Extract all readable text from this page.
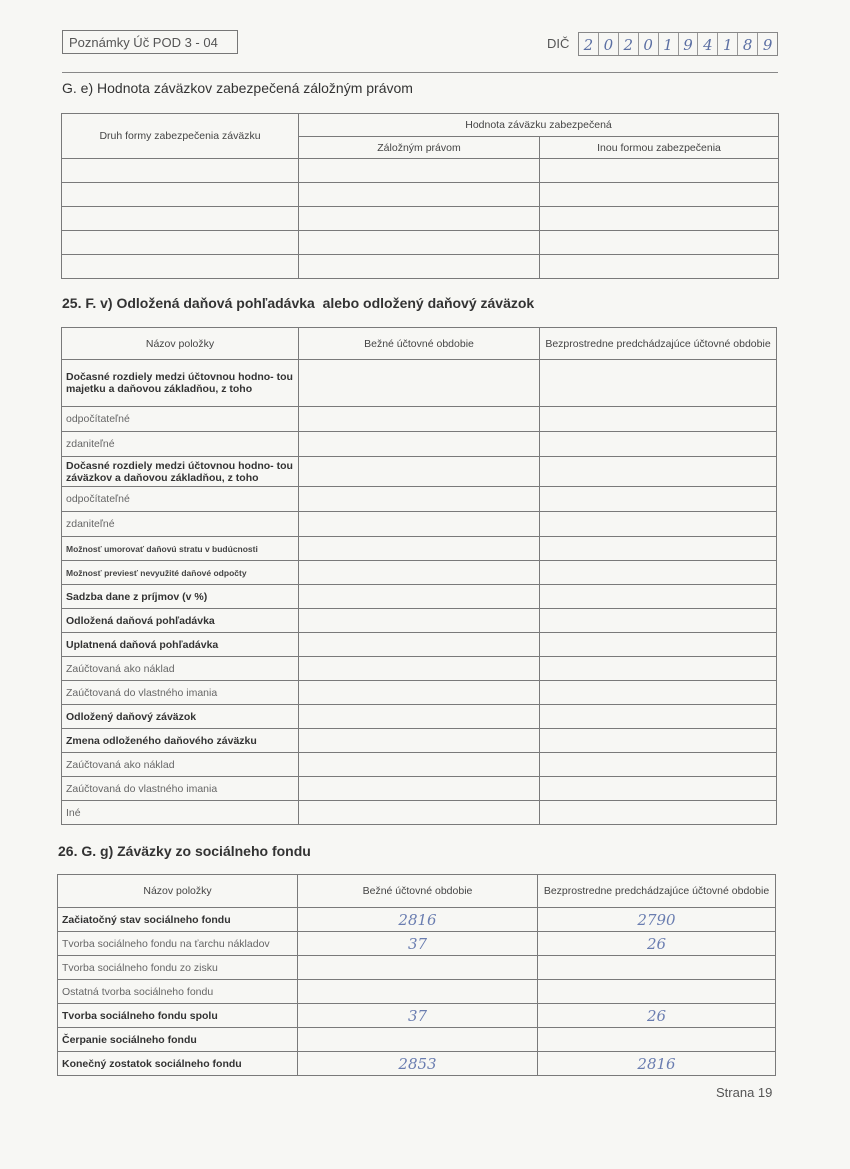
Poznámky Úč POD 3 - 04	DIČ 2 0 2 0 1 9 4 1 8 9
G. e) Hodnota záväzkov zabezpečená záložným právom
Druh formy zabezpečenia záväzku	Hodnota záväzku zabezpečená	
	Záložným právom	Inou formou zabezpečenia

25. F. v) Odložená daňová pohľadávka alebo odložený daňový záväzok
Názov položky	Bežné účtovné obdobie	Bezprostredne predchádzajúce účtovné obdobie
Dočasné rozdiely medzi účtovnou hodno- tou majetku a daňovou základňou, z toho		
odpočítateľné		
zdaniteľné		
Dočasné rozdiely medzi účtovnou hodno- tou záväzkov a daňovou základňou, z toho		
odpočítateľné		
zdaniteľné		
Možnosť umorovať daňovú stratu v budúcnosti		
Možnosť previesť nevyužité daňové odpočty		
Sadzba dane z príjmov (v %)		
Odložená daňová pohľadávka		
Uplatnená daňová pohľadávka		
Zaúčtovaná ako náklad		
Zaúčtovaná do vlastného imania		
Odložený daňový záväzok		
Zmena odloženého daňového záväzku		
Zaúčtovaná ako náklad		
Zaúčtovaná do vlastného imania		
Iné		
26. G. g) Záväzky zo sociálneho fondu
Názov položky	Bežné účtovné obdobie	Bezprostredne predchádzajúce účtovné obdobie
Začiatočný stav sociálneho fondu	2816	2790
Tvorba sociálneho fondu na ťarchu nákladov	37	26
Tvorba sociálneho fondu zo zisku		
Ostatná tvorba sociálneho fondu		
Tvorba sociálneho fondu spolu	37	26
Čerpanie sociálneho fondu		
Konečný zostatok sociálneho fondu	2853	2816
Strana 19
